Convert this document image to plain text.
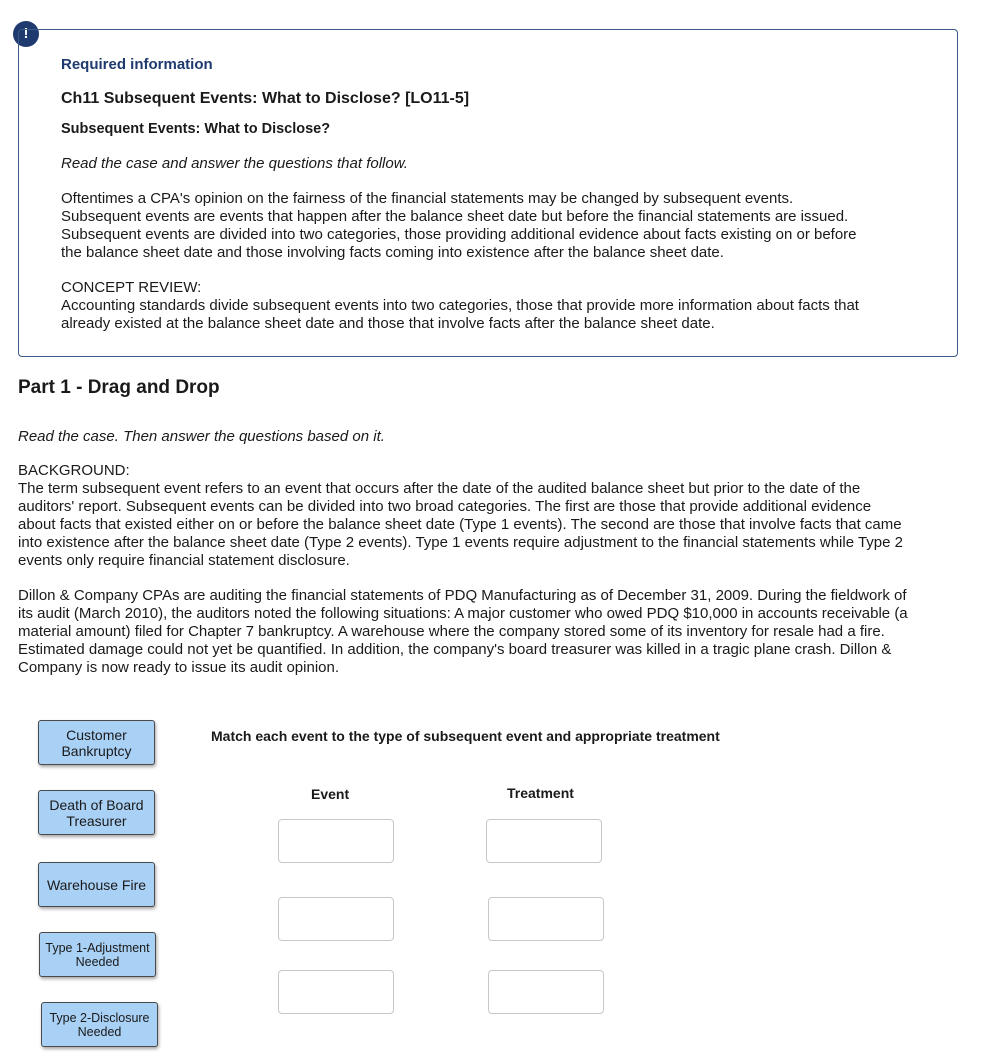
!

Required information

Ch11 Subsequent Events: What to Disclose? [LO11-5]

Subsequent Events: What to Disclose?

Read the case and answer the questions that follow.

Oftentimes a CPA's opinion on the fairness of the financial statements may be changed by subsequent events.
Subsequent events are events that happen after the balance sheet date but before the financial statements are issued.
Subsequent events are divided into two categories, those providing additional evidence about facts existing on or before
the balance sheet date and those involving facts coming into existence after the balance sheet date.

CONCEPT REVIEW:
Accounting standards divide subsequent events into two categories, those that provide more information about facts that
already existed at the balance sheet date and those that involve facts after the balance sheet date.

Part 1 - Drag and Drop

Read the case. Then answer the questions based on it.

BACKGROUND:
The term subsequent event refers to an event that occurs after the date of the audited balance sheet but prior to the date of the
auditors' report. Subsequent events can be divided into two broad categories. The first are those that provide additional evidence
about facts that existed either on or before the balance sheet date (Type 1 events). The second are those that involve facts that came
into existence after the balance sheet date (Type 2 events). Type 1 events require adjustment to the financial statements while Type 2
events only require financial statement disclosure.

Dillon & Company CPAs are auditing the financial statements of PDQ Manufacturing as of December 31, 2009. During the fieldwork of
its audit (March 2010), the auditors noted the following situations: A major customer who owed PDQ $10,000 in accounts receivable (a
material amount) filed for Chapter 7 bankruptcy. A warehouse where the company stored some of its inventory for resale had a fire.
Estimated damage could not yet be quantified. In addition, the company's board treasurer was killed in a tragic plane crash. Dillon &
Company is now ready to issue its audit opinion.

Customer
Bankruptcy
Death of Board
Treasurer
Warehouse Fire
Type 1-Adjustment
Needed
Type 2-Disclosure
Needed

Match each event to the type of subsequent event and appropriate treatment

Event	Treatment
